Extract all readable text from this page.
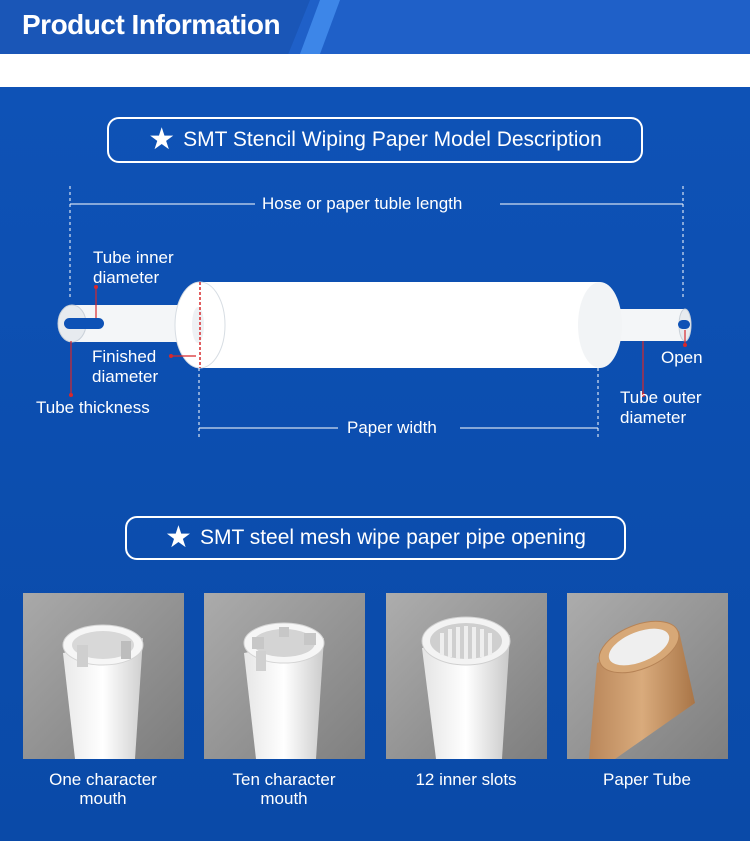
Product Information
★ SMT Stencil Wiping Paper Model Description
Hose or paper tuble length
Tube inner
diameter
Finished
diameter
Tube thickness
Paper width
Open
Tube outer
diameter
★ SMT steel mesh wipe paper pipe opening
One character
mouth
Ten character
mouth
12 inner slots	Paper Tube
